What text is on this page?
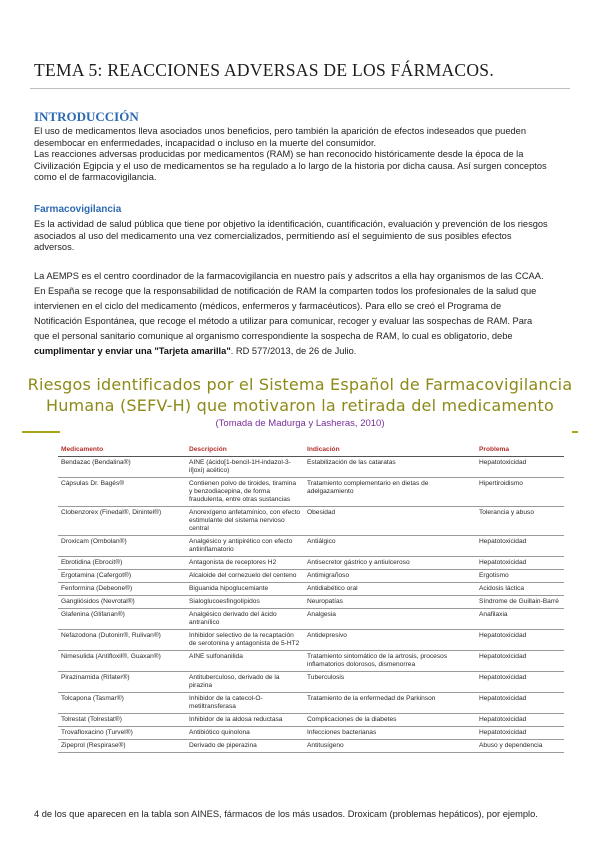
TEMA 5: REACCIONES ADVERSAS DE LOS FÁRMACOS.
INTRODUCCIÓN
El uso de medicamentos lleva asociados unos beneficios, pero también la aparición de efectos indeseados que pueden
desembocar en enfermedades, incapacidad o incluso en la muerte del consumidor.
Las reacciones adversas producidas por medicamentos (RAM) se han reconocido históricamente desde la época de la
Civilización Egipcia y el uso de medicamentos se ha regulado a lo largo de la historia por dicha causa. Así surgen conceptos
como el de farmacovigilancia.
Farmacovigilancia
Es la actividad de salud pública que tiene por objetivo la identificación, cuantificación, evaluación y prevención de los riesgos
asociados al uso del medicamento una vez comercializados, permitiendo así el seguimiento de sus posibles efectos
adversos.
La AEMPS es el centro coordinador de la farmacovigilancia en nuestro país y adscritos a ella hay organismos de las CCAA.
En España se recoge que la responsabilidad de notificación de RAM la comparten todos los profesionales de la salud que
intervienen en el ciclo del medicamento (médicos, enfermeros y farmacéuticos). Para ello se creó el Programa de
Notificación Espontánea, que recoge el método a utilizar para comunicar, recoger y evaluar las sospechas de RAM. Para
que el personal sanitario comunique al organismo correspondiente la sospecha de RAM, lo cual es obligatorio, debe
cumplimentar y enviar una "Tarjeta amarilla". RD 577/2013, de 26 de Julio.
Riesgos identificados por el Sistema Español de Farmacovigilancia
Humana (SEFV-H) que motivaron la retirada del medicamento
(Tomada de Madurga y Lasheras, 2010)
Medicamento	Descripción	Indicación	Problema
Bendazac (Bendalina®)	AINE (ácido[1-bencil-1H-indazol-3-il]oxi) acético)	Estabilización de las cataratas	Hepatotoxicidad
Cápsulas Dr. Bagés®	Contienen polvo de tiroides, tiramina y benzodiacepina, de forma fraudulenta, entre otras sustancias	Tratamiento complementario en dietas de adelgazamiento	Hipertiroidismo
Clobenzorex (Finedal®, Dinintel®)	Anorexígeno anfetamínico, con efecto estimulante del sistema nervioso central	Obesidad	Tolerancia y abuso
Droxicam (Ombolan®)	Analgésico y antipirético con efecto antiinflamatorio	Antiálgico	Hepatotoxicidad
Ebrotidina (Ebrocit®)	Antagonista de receptores H2	Antisecretor gástrico y antiulceroso	Hepatotoxicidad
Ergotamina (Cafergot®)	Alcaloide del cornezuelo del centeno	Antimigrañoso	Ergotismo
Fenformina (Debeone®)	Biguanida hipoglucemiante	Antidiabético oral	Acidosis láctica
Gangliósidos (Nevrotal®)	Sialoglucoesfingolípidos	Neuropatías	Síndrome de Guillain-Barré
Glafenina (Glifanan®)	Analgésico derivado del ácido antranílico	Analgesia	Anafilaxia
Nefazodona (Dutonin®, Rulivan®)	Inhibidor selectivo de la recaptación de serotonina y antagonista de 5-HT2	Antidepresivo	Hepatotoxicidad
Nimesulida (Antifloxil®, Guaxan®)	AINE sulfonanilida	Tratamiento sintomático de la artrosis, procesos inflamatorios dolorosos, dismenorrea	Hepatotoxicidad
Pirazinamida (Rifater®)	Antituberculoso, derivado de la pirazina	Tuberculosis	Hepatotoxicidad
Tolcapona (Tasmar®)	Inhibidor de la catecol-O-metiltransferasa	Tratamiento de la enfermedad de Parkinson	Hepatotoxicidad
Tolrestat (Tolrestat®)	Inhibidor de la aldosa reductasa	Complicaciones de la diabetes	Hepatotoxicidad
Trovafloxacino (Turvel®)	Antibiótico quinolona	Infecciones bacterianas	Hepatotoxicidad
Zipeprol (Respirase®)	Derivado de piperazina	Antitusígeno	Abuso y dependencia
4 de los que aparecen en la tabla son AINES, fármacos de los más usados. Droxicam (problemas hepáticos), por ejemplo.
